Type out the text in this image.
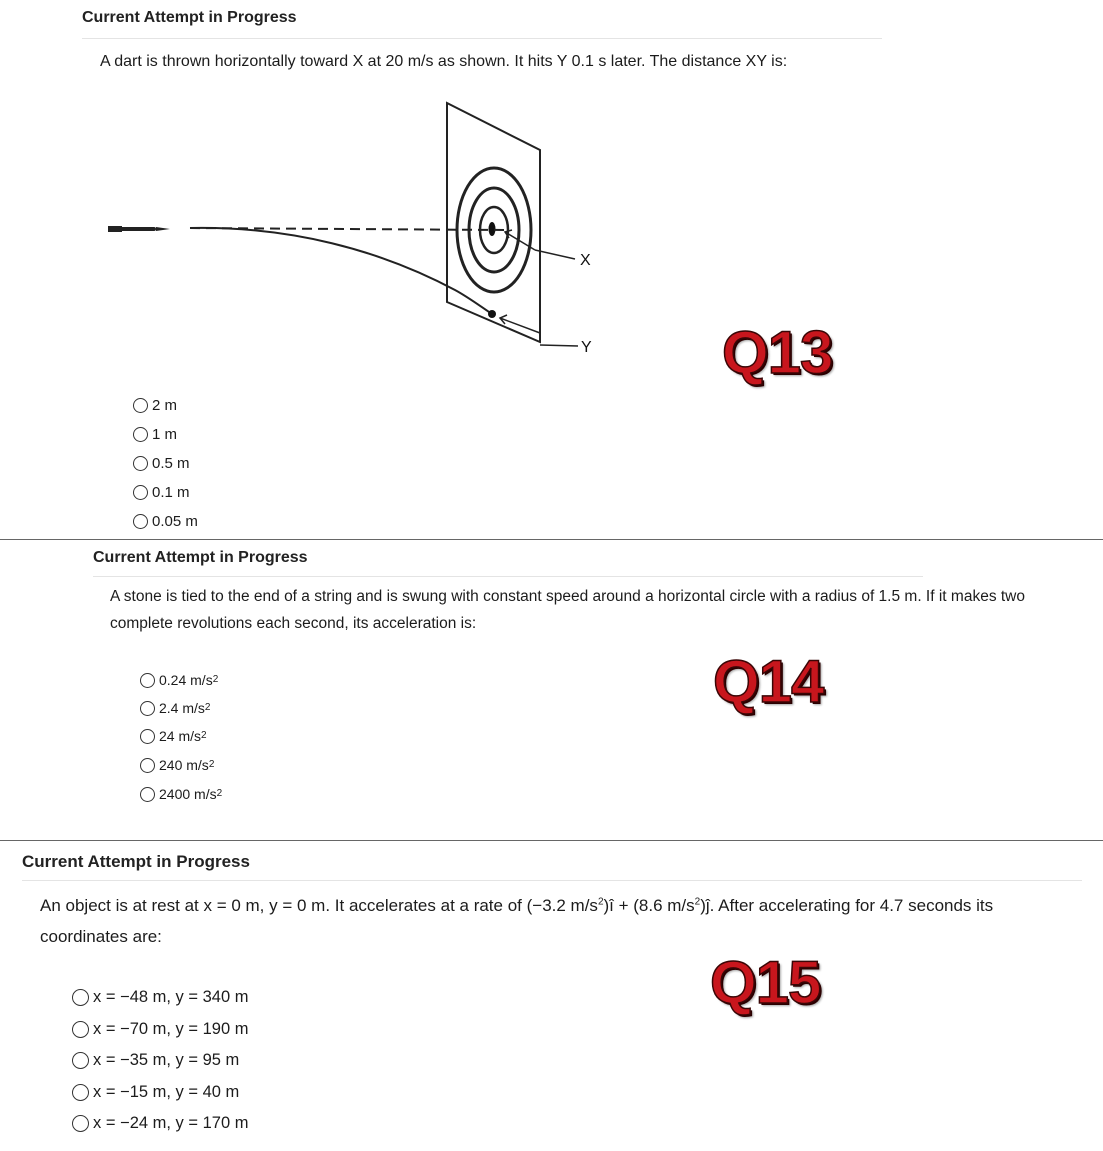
Current Attempt in Progress
A dart is thrown horizontally toward X at 20 m/s as shown. It hits Y 0.1 s later. The distance XY is:
X
Y Q13
2 m
1 m
0.5 m
0.1 m
0.05 m
Current Attempt in Progress
A stone is tied to the end of a string and is swung with constant speed around a horizontal circle with a radius of 1.5 m. If it makes two
complete revolutions each second, its acceleration is:
Q14
0.24
m/s 2
2.4
m/s 2
24
m/s 2
240
m/s 2
2400
m/s 2
Current Attempt in Progress
An object is at rest at x = 0 m, y = 0 m. It accelerates at a rate of (−3.2 $m/s^2)î + (8.6$ $m/s^2)ĵ$. After accelerating for 4.7 seconds its
coordinates are:
Q15
x = −48 m, y = 340 m
x = −70 m, y = 190 m
x = −35 m, y = 95 m
x = −15 m, y = 40 m
x = −24 m, y = 170 m
